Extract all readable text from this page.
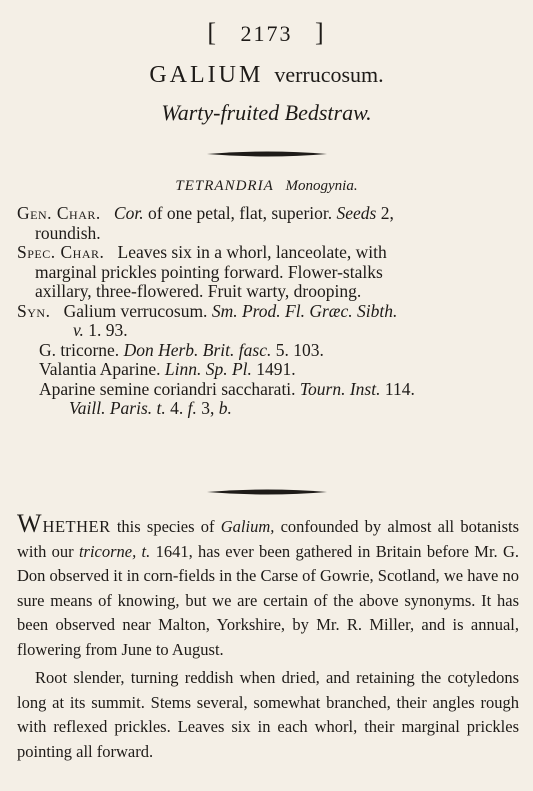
[ 2173 ]
GALIUM verrucosum.
Warty-fruited Bedstraw.
TETRANDRIA Monogynia.
Gen. Char. Cor. of one petal, flat, superior. Seeds 2,
roundish.
Spec. Char. Leaves six in a whorl, lanceolate, with
marginal prickles pointing forward. Flower-stalks
axillary, three-flowered. Fruit warty, drooping.
Syn. Galium verrucosum. Sm. Prod. Fl. Græc. Sibth.
v. 1. 93.
G. tricorne. Don Herb. Brit. fasc. 5. 103.
Valantia Aparine. Linn. Sp. Pl. 1491.
Aparine semine coriandri saccharati. Tourn. Inst. 114.
Vaill. Paris. t. 4. f. 3, b.

WHETHER this species of Galium, confounded by almost all botanists with our tricorne, t. 1641, has ever been gathered in Britain before Mr. G. Don observed it in corn-fields in the Carse of Gowrie, Scotland, we have no sure means of knowing, but we are certain of the above synonyms. It has been observed near Malton, Yorkshire, by Mr. R. Miller, and is annual, flowering from June to August.

Root slender, turning reddish when dried, and retaining the cotyledons long at its summit. Stems several, somewhat branched, their angles rough with reflexed prickles. Leaves six in each whorl, their marginal prickles pointing all forward.
